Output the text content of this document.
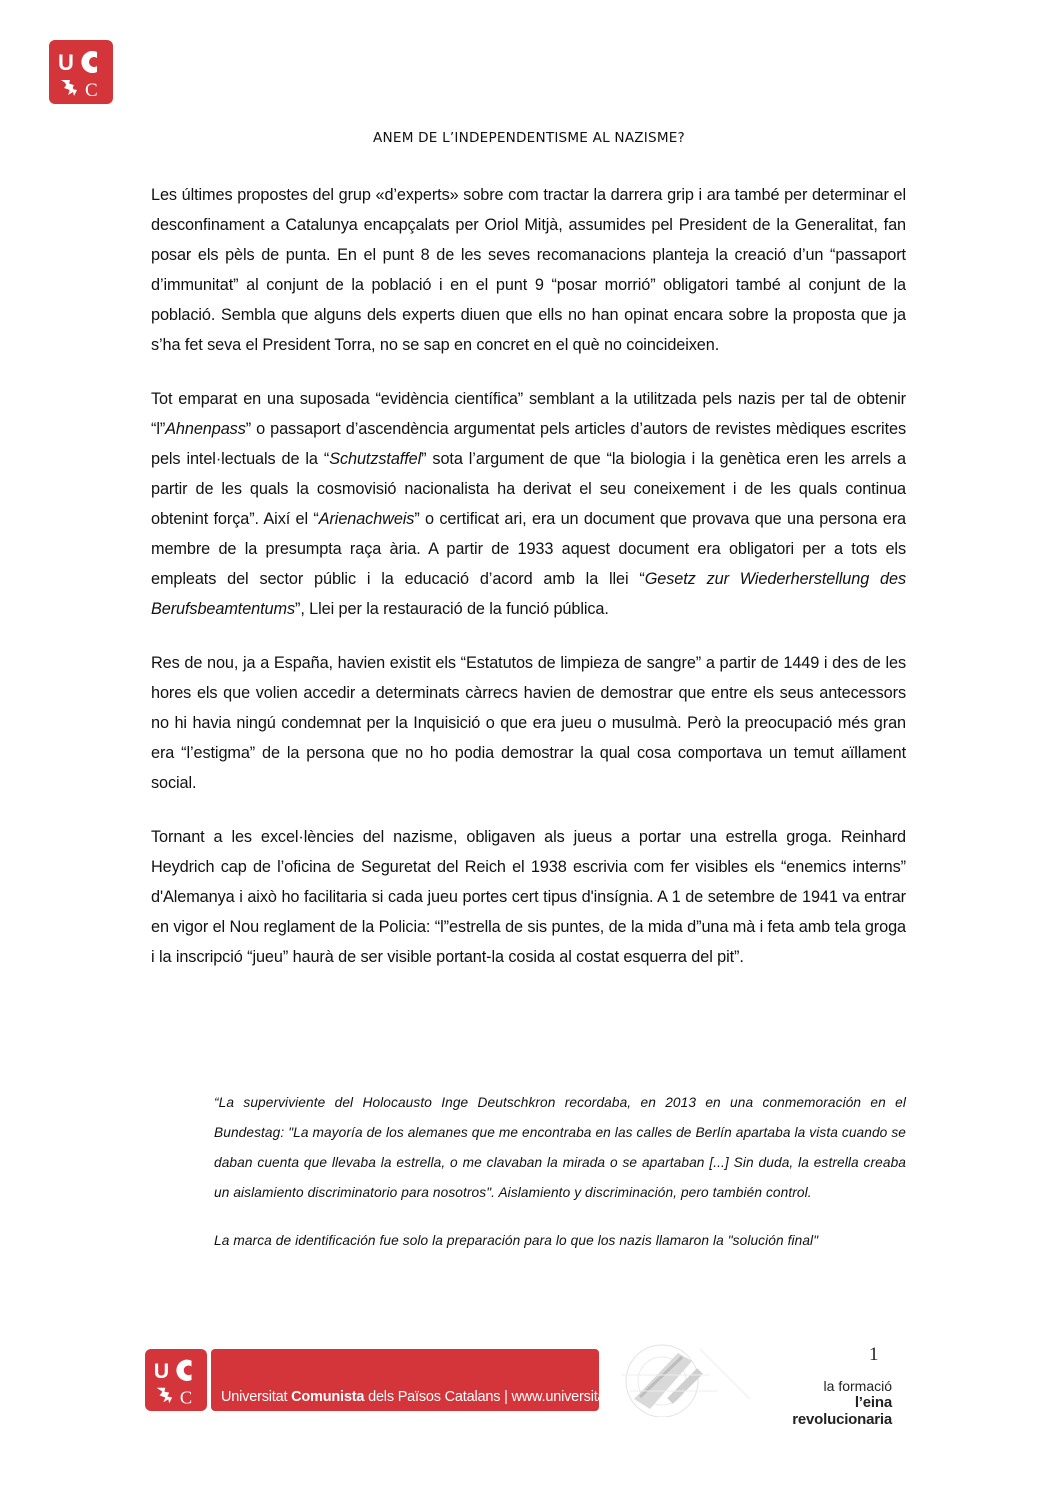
U
C
ANEM DE L’INDEPENDENTISME AL NAZISME?

Les últimes propostes del grup «d’experts» sobre com tractar la darrera grip i ara també per determinar el desconfinament a Catalunya encapçalats per Oriol Mitjà, assumides pel President de la Generalitat, fan posar els pèls de punta. En el punt 8 de les seves recomanacions planteja la creació d’un “passaport d’immunitat” al conjunt de la població i en el punt 9 “posar morrió” obligatori també al conjunt de la població. Sembla que alguns dels experts diuen que ells no han opinat encara sobre la proposta que ja s’ha fet seva el President Torra, no se sap en concret en el què no coincideixen.

Tot emparat en una suposada “evidència científica” semblant a la utilitzada pels nazis per tal de obtenir “l”Ahnenpass” o passaport d’ascendència argumentat pels articles d’autors de revistes mèdiques escrites pels intel·lectuals de la “Schutzstaffel” sota l’argument de que “la biologia i la genètica eren les arrels a partir de les quals la cosmovisió nacionalista ha derivat el seu coneixement i de les quals continua obtenint força”. Així el “Arienachweis” o certificat ari, era un document que provava que una persona era membre de la presumpta raça ària. A partir de 1933 aquest document era obligatori per a tots els empleats del sector públic i la educació d’acord amb la llei “Gesetz zur Wiederherstellung des Berufsbeamtentums”, Llei per la restauració de la funció pública.

Res de nou, ja a España, havien existit els “Estatutos de limpieza de sangre” a partir de 1449 i des de les hores els que volien accedir a determinats càrrecs havien de demostrar que entre els seus antecessors no hi havia ningú condemnat per la Inquisició o que era jueu o musulmà. Però la preocupació més gran era “l’estigma” de la persona que no ho podia demostrar la qual cosa comportava un temut aïllament social.

Tornant a les excel·lències del nazisme, obligaven als jueus a portar una estrella groga. Reinhard Heydrich cap de l’oficina de Seguretat del Reich el 1938 escrivia com fer visibles els “enemics interns” d'Alemanya i això ho facilitaria si cada jueu portes cert tipus d'insígnia. A 1 de setembre de 1941 va entrar en vigor el Nou reglament de la Policia: “l”estrella de sis puntes, de la mida d”una mà i feta amb tela groga i la inscripció “jueu” haurà de ser visible portant-la cosida al costat esquerra del pit”.

“La superviviente del Holocausto Inge Deutschkron recordaba, en 2013 en una conmemoración en el Bundestag: "La mayoría de los alemanes que me encontraba en las calles de Berlín apartaba la vista cuando se daban cuenta que llevaba la estrella, o me clavaban la mirada o se apartaban [...] Sin duda, la estrella creaba un aislamiento discriminatorio para nosotros". Aislamiento y discriminación, pero también control.

La marca de identificación fue solo la preparación para lo que los nazis llamaron la "solución final"

1
U
C Universitat Comunista dels Països Catalans | www.universitat.cat
la formació
l’eina revolucionaria
